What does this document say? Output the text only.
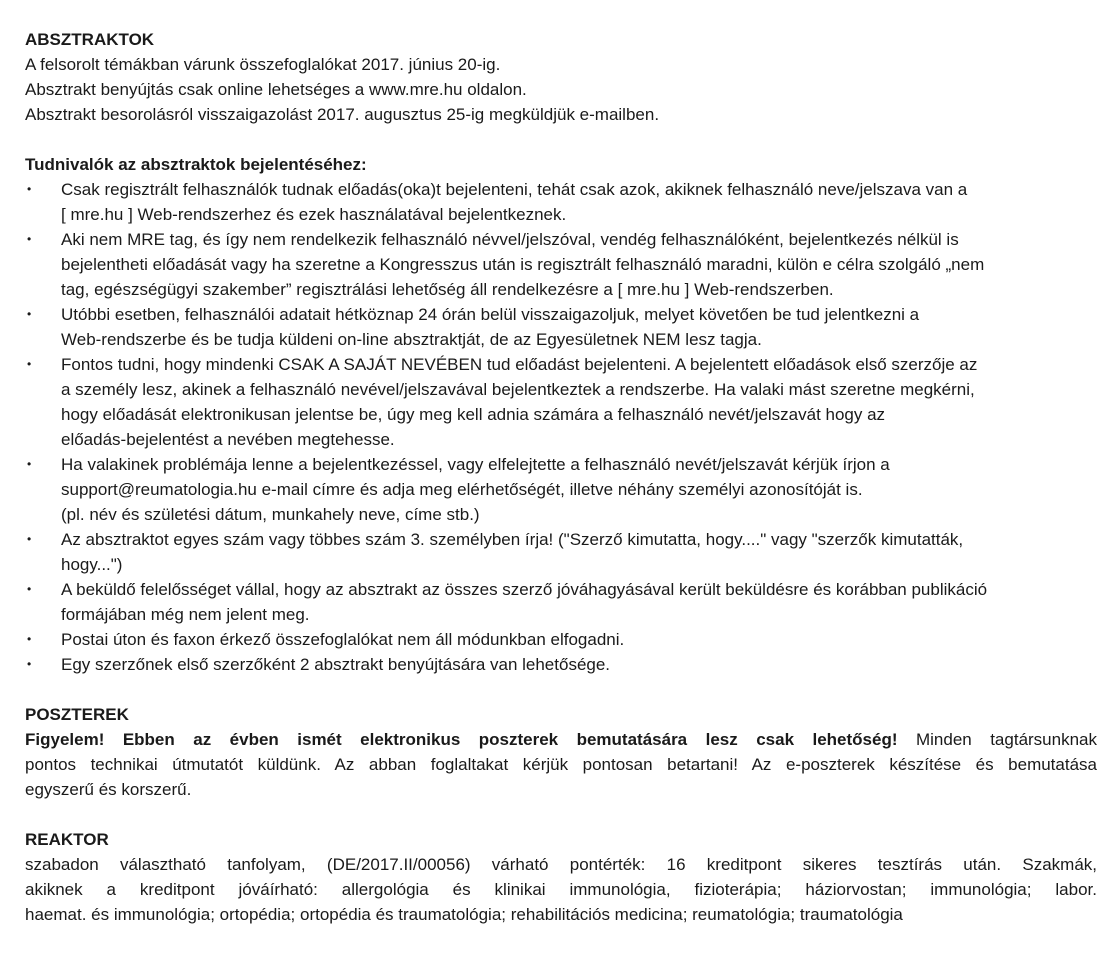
ABSZTRAKTOK
A felsorolt témákban várunk összefoglalókat 2017. június 20-ig.
Absztrakt benyújtás csak online lehetséges a www.mre.hu oldalon.
Absztrakt besorolásról visszaigazolást 2017. augusztus 25-ig megküldjük e-mailben.
Tudnivalók az absztraktok bejelentéséhez:
•	Csak regisztrált felhasználók tudnak előadás(oka)t bejelenteni, tehát csak azok, akiknek felhasználó neve/jelszava van a
[ mre.hu ] Web-rendszerhez és ezek használatával bejelentkeznek.
•	Aki nem MRE tag, és így nem rendelkezik felhasználó névvel/jelszóval, vendég felhasználóként, bejelentkezés nélkül is
bejelentheti előadását vagy ha szeretne a Kongresszus után is regisztrált felhasználó maradni, külön e célra szolgáló „nem
tag, egészségügyi szakember” regisztrálási lehetőség áll rendelkezésre a [ mre.hu ] Web-rendszerben.
•	Utóbbi esetben, felhasználói adatait hétköznap 24 órán belül visszaigazoljuk, melyet követően be tud jelentkezni a
Web-rendszerbe és be tudja küldeni on-line absztraktját, de az Egyesületnek NEM lesz tagja.
•	Fontos tudni, hogy mindenki CSAK A SAJÁT NEVÉBEN tud előadást bejelenteni. A bejelentett előadások első szerzője az
a személy lesz, akinek a felhasználó nevével/jelszavával bejelentkeztek a rendszerbe. Ha valaki mást szeretne megkérni,
hogy előadását elektronikusan jelentse be, úgy meg kell adnia számára a felhasználó nevét/jelszavát hogy az
előadás-bejelentést a nevében megtehesse.
•	Ha valakinek problémája lenne a bejelentkezéssel, vagy elfelejtette a felhasználó nevét/jelszavát kérjük írjon a
support@reumatologia.hu e-mail címre és adja meg elérhetőségét, illetve néhány személyi azonosítóját is.
(pl. név és születési dátum, munkahely neve, címe stb.)
•	Az absztraktot egyes szám vagy többes szám 3. személyben írja! ("Szerző kimutatta, hogy...." vagy "szerzők kimutatták,
hogy...")
•	A beküldő felelősséget vállal, hogy az absztrakt az összes szerző jóváhagyásával került beküldésre és korábban publikáció
formájában még nem jelent meg.
•	Postai úton és faxon érkező összefoglalókat nem áll módunkban elfogadni.
•	Egy szerzőnek első szerzőként 2 absztrakt benyújtására van lehetősége.
POSZTEREK
Figyelem! Ebben az évben ismét elektronikus poszterek bemutatására lesz csak lehetőség! Minden tagtársunknak
pontos technikai útmutatót küldünk. Az abban foglaltakat kérjük pontosan betartani! Az e-poszterek készítése és bemutatása
egyszerű és korszerű.
REAKTOR
szabadon választható tanfolyam, (DE/2017.II/00056) várható pontérték: 16 kreditpont sikeres tesztírás után. Szakmák,
akiknek a kreditpont jóváírható: allergológia és klinikai immunológia, fizioterápia; háziorvostan; immunológia; labor.
haemat. és immunológia; ortopédia; ortopédia és traumatológia; rehabilitációs medicina; reumatológia; traumatológia
